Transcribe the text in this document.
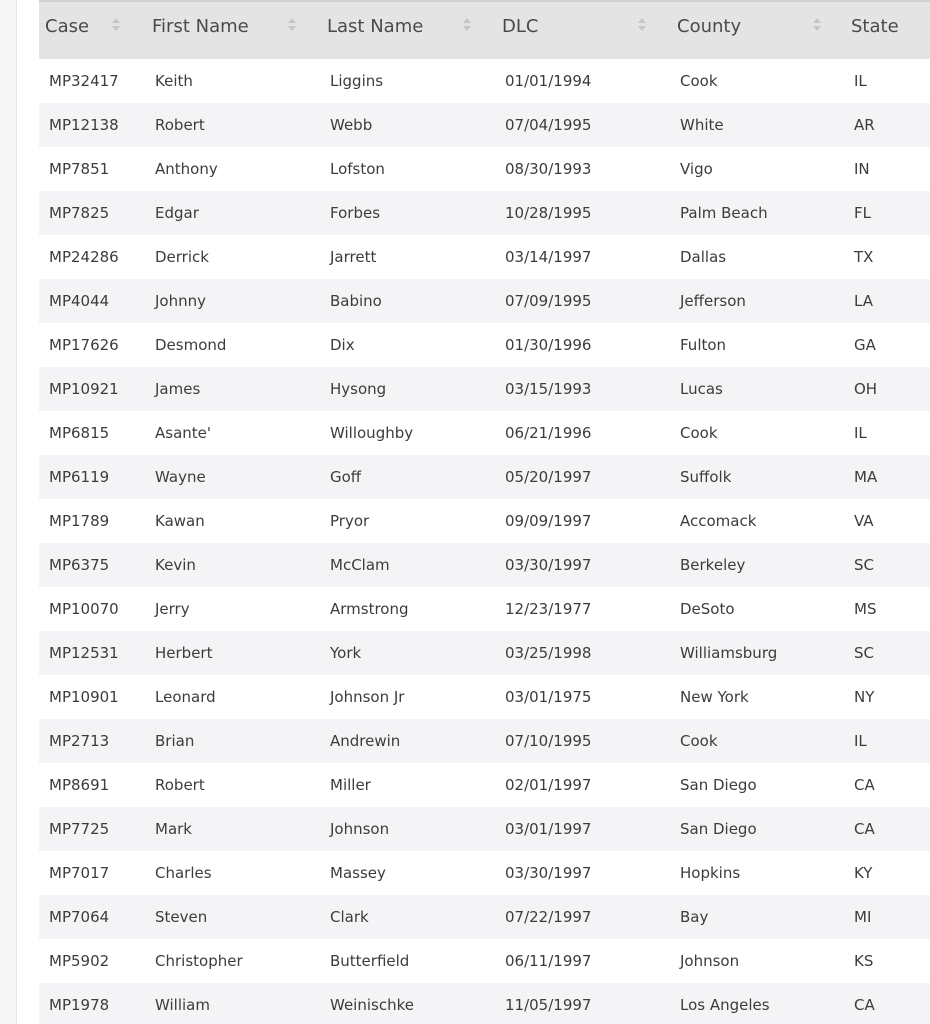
Case	First Name	Last Name	DLC	County	State
MP32417	Keith	Liggins	01/01/1994	Cook	IL
MP12138	Robert	Webb	07/04/1995	White	AR
MP7851	Anthony	Lofston	08/30/1993	Vigo	IN
MP7825	Edgar	Forbes	10/28/1995	Palm Beach	FL
MP24286	Derrick	Jarrett	03/14/1997	Dallas	TX
MP4044	Johnny	Babino	07/09/1995	Jefferson	LA
MP17626	Desmond	Dix	01/30/1996	Fulton	GA
MP10921	James	Hysong	03/15/1993	Lucas	OH
MP6815	Asante'	Willoughby	06/21/1996	Cook	IL
MP6119	Wayne	Goff	05/20/1997	Suffolk	MA
MP1789	Kawan	Pryor	09/09/1997	Accomack	VA
MP6375	Kevin	McClam	03/30/1997	Berkeley	SC
MP10070	Jerry	Armstrong	12/23/1977	DeSoto	MS
MP12531	Herbert	York	03/25/1998	Williamsburg	SC
MP10901	Leonard	Johnson Jr	03/01/1975	New York	NY
MP2713	Brian	Andrewin	07/10/1995	Cook	IL
MP8691	Robert	Miller	02/01/1997	San Diego	CA
MP7725	Mark	Johnson	03/01/1997	San Diego	CA
MP7017	Charles	Massey	03/30/1997	Hopkins	KY
MP7064	Steven	Clark	07/22/1997	Bay	MI
MP5902	Christopher	Butterfield	06/11/1997	Johnson	KS
MP1978	William	Weinischke	11/05/1997	Los Angeles	CA
